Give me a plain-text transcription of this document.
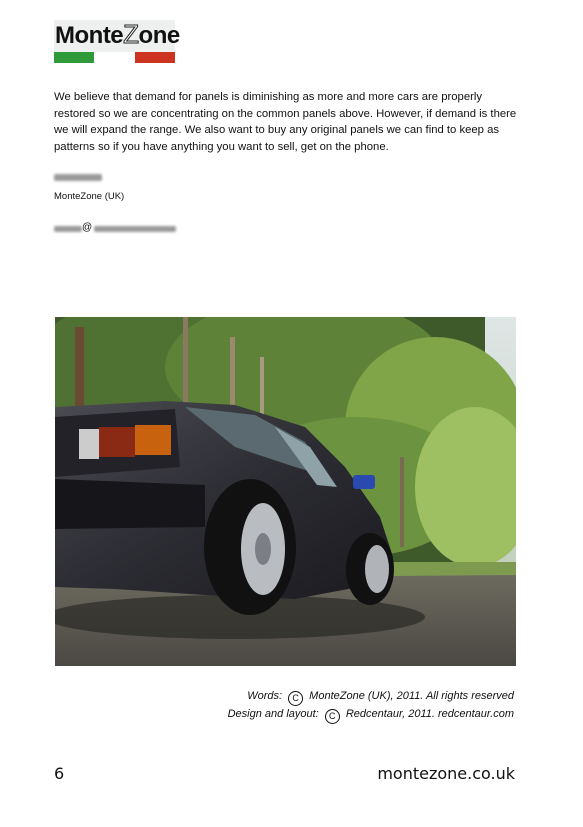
MonteZone

We believe that demand for panels is diminishing as more and more cars are properly restored so we are concentrating on the common panels above. However, if demand is there we will expand the range. We also want to buy any original panels we can find to keep as patterns so if you have anything you want to sell, get on the phone.

MonteZone (UK)
@
Words: C MonteZone (UK), 2011. All rights reserved
Design and layout: C Redcentaur, 2011. redcentaur.com
6	montezone.co.uk
